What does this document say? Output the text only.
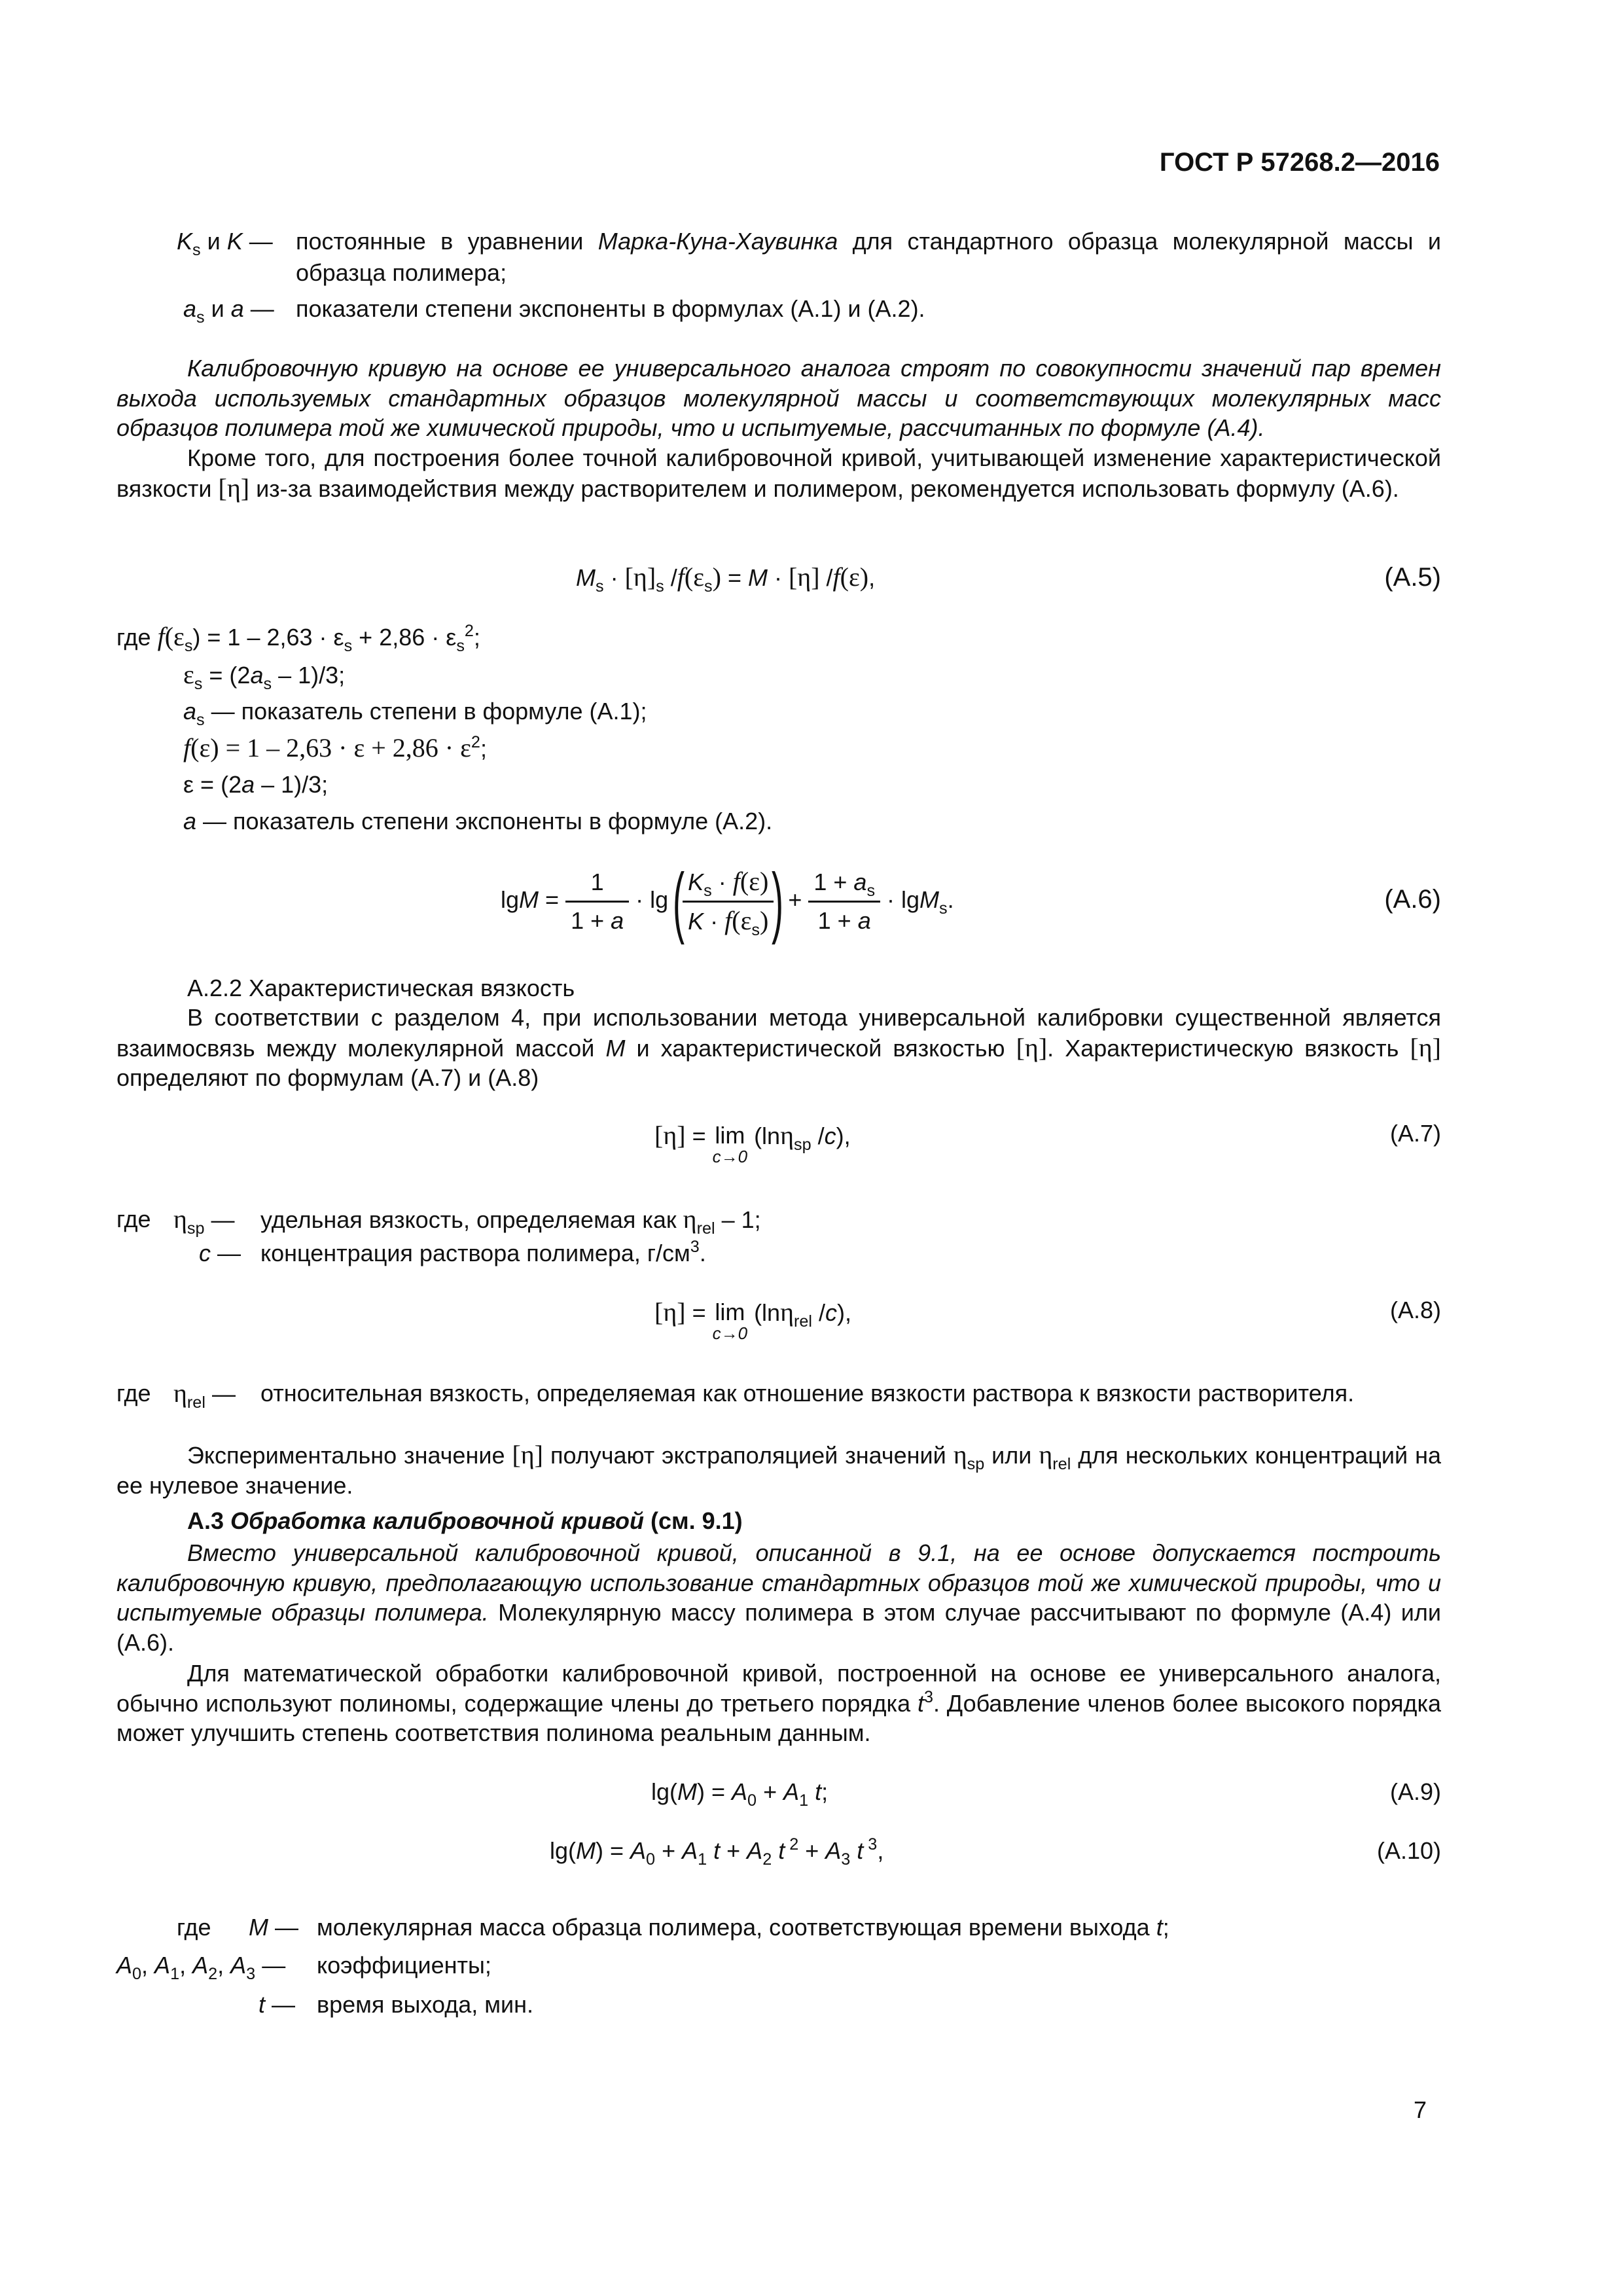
ГОСТ Р 57268.2—2016
$K_s$ и K — постоянные в уравнении Марка-Куна-Хаувинка для стандартного образца молекулярной массы и
образца полимера;
$a_s$ и a — показатели степени экспоненты в формулах (А.1) и (А.2).
Калибровочную кривую на основе ее универсального аналога строят по совокупности значений пар времен выхода используемых стандартных образцов молекулярной массы и соответствующих молекулярных масс образцов полимера той же химической природы, что и испытуемые, рассчитанных по формуле (А.4).
Кроме того, для построения более точной калибровочной кривой, учитывающей изменение характеристической вязкости [η] из-за взаимодействия между растворителем и полимером, рекомендуется использовать формулу (А.6).
$M_s \cdot [\eta]_s$ $/f(\varepsilon_s) = M \cdot [\eta]$ /f(ε),	(А.5)
где $f(\varepsilon_s) = 1 - 2,63 \cdot \varepsilon_s + 2,86 \cdot \varepsilon_s^2$;
$\varepsilon_s = (2a_s - 1)/3$;
$a_s$ — показатель степени в формуле (А.1);
$f(\varepsilon) = 1 - 2,63 \cdot \varepsilon + 2,86 \cdot \varepsilon^2$;
ε = (2a – 1)/3;
a — показатель степени экспоненты в формуле (А.2).
$\lg M = \frac{1}{1 + a} \cdot \lg$ (
$\frac{K_s \cdot f(\varepsilon)}{K \cdot f(\varepsilon_s)}$
) + $\frac{1 + a_s}{1 + a} \cdot \lg M_s$.	(А.6)
А.2.2 Характеристическая вязкость
В соответствии с разделом 4, при использовании метода универсальной калибровки существенной является взаимосвязь между молекулярной массой M и характеристической вязкостью [η]. Характеристическую вязкость [η] определяют по формулам (А.7) и (А.8)
[η] = lim
c→0
(lnη$_{sp}$ /c),	(А.7)
где $\eta_{sp}$ — удельная вязкость, определяемая как $\eta_{rel} - 1$;
c — концентрация раствора полимера, $г/см^3$.
[η] = lim
c→0
(lnη$_{rel}$ /c),	(А.8)
где $\eta_{rel}$ — относительная вязкость, определяемая как отношение вязкости раствора к вязкости растворителя.
Экспериментально значение [η] получают экстраполяцией значений $\eta_{sp}$ или $\eta_{rel}$ для нескольких концентраций на ее нулевое значение.
А.3 Обработка калибровочной кривой (см. 9.1)
Вместо универсальной калибровочной кривой, описанной в 9.1, на ее основе допускается построить калибровочную кривую, предполагающую использование стандартных образцов той же химической природы, что и испытуемые образцы полимера. Молекулярную массу полимера в этом случае рассчитывают по формуле (А.4) или (А.6).
Для математической обработки калибровочной кривой, построенной на основе ее универсального аналога, обычно используют полиномы, содержащие члены до третьего порядка $t^3$. Добавление членов более высокого порядка может улучшить степень соответствия полинома реальным данным.
$\lg(M) = A_0 + A_1$ t;	(А.9)
$\lg(M) = A_0 + A_1$ $t + A_2$ t $^2 + A_3$ t $^3$,	(А.10)
где M — молекулярная масса образца полимера, соответствующая времени выхода t;
$A_0$, $A_1$, $A_2$, $A_3$ — коэффициенты;
t — время выхода, мин.
7
